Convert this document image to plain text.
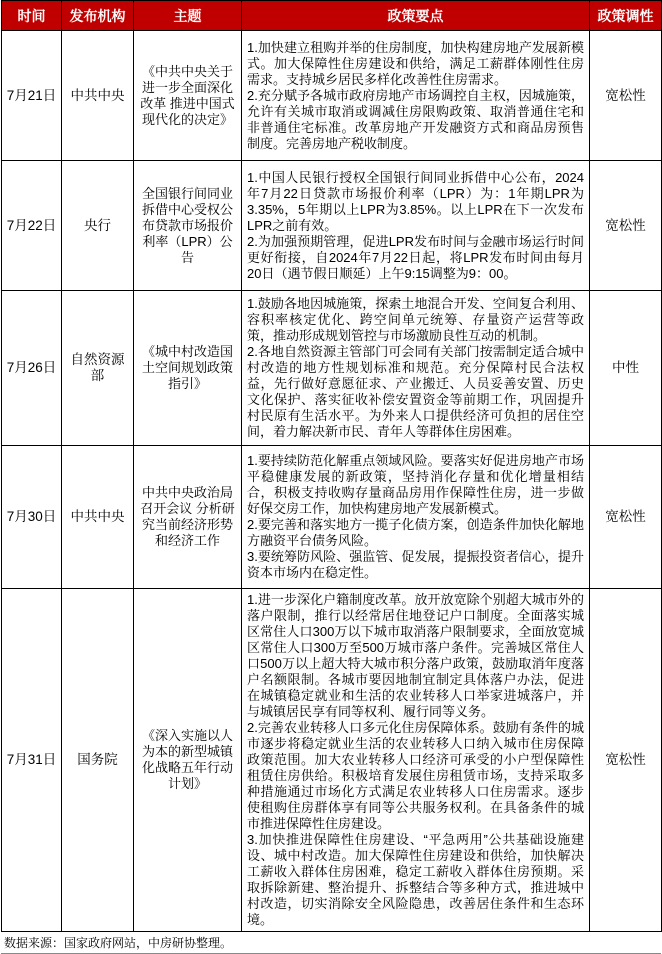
时间	发布机构	主题	政策要点	政策调性
7月21日	中共中央	《中共中央关于进一步全面深化改革 推进中国式现代化的决定》	1.加快建立租购并举的住房制度，加快构建房地产发展新模式。加大保障性住房建设和供给，满足工薪群体刚性住房需求。支持城乡居民多样化改善性住房需求。
2.充分赋予各城市政府房地产市场调控自主权，因城施策，允许有关城市取消或调减住房限购政策、取消普通住宅和非普通住宅标准。改革房地产开发融资方式和商品房预售制度。完善房地产税收制度。	宽松性
7月22日	央行	全国银行间同业拆借中心受权公布贷款市场报价利率（LPR）公告	1.中国人民银行授权全国银行间同业拆借中心公布，2024年7月22日贷款市场报价利率（LPR）为：1年期LPR为3.35%，5年期以上LPR为3.85%。以上LPR在下一次发布LPR之前有效。
2.为加强预期管理，促进LPR发布时间与金融市场运行时间更好衔接，自2024年7月22日起，将LPR发布时间由每月20日（遇节假日顺延）上午9:15调整为9：00。	宽松性
7月26日	自然资源部	《城中村改造国土空间规划政策指引》	1.鼓励各地因城施策，探索土地混合开发、空间复合利用、容积率核定优化、跨空间单元统筹、存量资产运营等政策，推动形成规划管控与市场激励良性互动的机制。
2.各地自然资源主管部门可会同有关部门按需制定适合城中村改造的地方性规划标准和规范。充分保障村民合法权益，先行做好意愿征求、产业搬迁、人员妥善安置、历史文化保护、落实征收补偿安置资金等前期工作，巩固提升村民原有生活水平。为外来人口提供经济可负担的居住空间，着力解决新市民、青年人等群体住房困难。	中性
7月30日	中共中央	中共中央政治局召开会议 分析研究当前经济形势和经济工作	1.要持续防范化解重点领域风险。要落实好促进房地产市场平稳健康发展的新政策，坚持消化存量和优化增量相结合，积极支持收购存量商品房用作保障性住房，进一步做好保交房工作，加快构建房地产发展新模式。
2.要完善和落实地方一揽子化债方案，创造条件加快化解地方融资平台债务风险。
3.要统筹防风险、强监管、促发展，提振投资者信心，提升资本市场内在稳定性。	宽松性
7月31日	国务院	《深入实施以人为本的新型城镇化战略五年行动计划》	1.进一步深化户籍制度改革。放开放宽除个别超大城市外的落户限制，推行以经常居住地登记户口制度。全面落实城区常住人口300万以下城市取消落户限制要求，全面放宽城区常住人口300万至500万城市落户条件。完善城区常住人口500万以上超大特大城市积分落户政策，鼓励取消年度落户名额限制。各城市要因地制宜制定具体落户办法，促进在城镇稳定就业和生活的农业转移人口举家进城落户，并与城镇居民享有同等权利、履行同等义务。
2.完善农业转移人口多元化住房保障体系。鼓励有条件的城市逐步将稳定就业生活的农业转移人口纳入城市住房保障政策范围。加大农业转移人口经济可承受的小户型保障性租赁住房供给。积极培育发展住房租赁市场，支持采取多种措施通过市场化方式满足农业转移人口住房需求。逐步使租购住房群体享有同等公共服务权利。在具备条件的城市推进保障性住房建设。
3.加快推进保障性住房建设、“平急两用”公共基础设施建设、城中村改造。加大保障性住房建设和供给，加快解决工薪收入群体住房困难，稳定工薪收入群体住房预期。采取拆除新建、整治提升、拆整结合等多种方式，推进城中村改造，切实消除安全风险隐患，改善居住条件和生态环境。	宽松性
数据来源：国家政府网站，中房研协整理。
